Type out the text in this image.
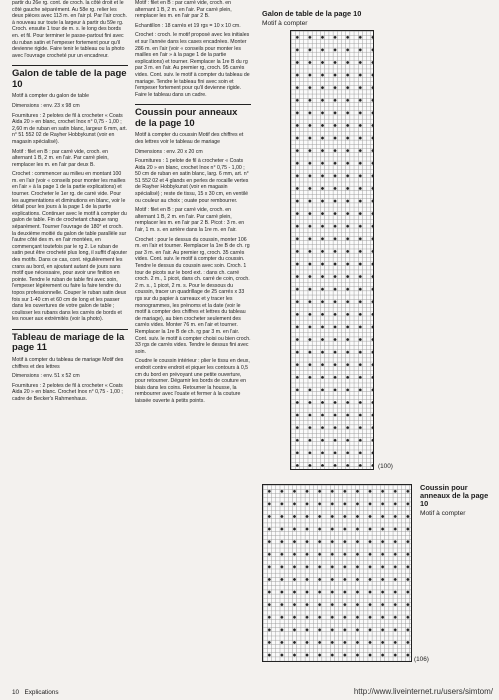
partir du 26e rg. cont. de croch. la côté droit et le côté gauche séparément. Au 58e rg. relier les deux pièces avec 113 m. en l'air pl. Par l'air croch. à nouveau sur toute la largeur à partir du 59e rg. Croch. ensuite 1 tour de m. s. le long des bords en. et fil. Pour terminer le passe-partout fini avec du ruban satin et l'empeser fortement pour qu'il devienne rigide. Faire tenir le tableau ou la photo avec l'ouvrage crocheté pur un encadreur.

Galon de table de la page 10

Motif à compter du galon de table

Dimensions : env. 23 x 98 cm

Fournitures : 2 pelotes de fil à crocheter « Coats Aida 20 » en blanc, crochet Inox n° 0,75 - 1,00 ; 2,60 m de ruban en satin blanc, largeur 6 mm, art. n° 51 552 02 de Rayher Hobbykunst (voir en magasin spécialisé).

Motif : filet en B : par carré vide, croch. en alternant 1 B, 2 m. en l'air. Par carré plein, remplacer les m. en l'air par deux B.

Crochet : commencer au milieu en montant 100 m. en l'air (voir « conseils pour monter les mailles en l'air » à la page 1 de la partie explications) et tourner. Crocheter le 1er rg. de carré vide. Pour les augmentations et diminutions en blanc, voir le détail pour les jours à la page 1 de la partie explications. Continuer avec le motif à compter du galon de table. Fin de crochetant chaque rang séparément. Tourner l'ouvrage de 180° et croch. la deuxième moitié du galon de table parallèle sur l'autre côté des m. en l'air montées, en commençant toutefois par le rg 2. Le ruban de satin peut être crocheté plus long, il suffit d'ajouter des motifs. Dans ce cas, cont. régulièrement les crans au bord, en ajoutant autant de jours sans motif que nécessaire, pour avoir une finition en pointe. Tendre le ruban de table fini avec soin, l'empeser légèrement ou faire la faire tendre du topos professionnelle. Couper le ruban satin deux fois sur 1-40 cm et 60 cm de long et les passer dans les ouvertures de votre galon de table ; coulisser les rubans dans les carrés de bords et les nouer aux extrémités (voir la photo).

Tableau de mariage de la page 11

Motif à compter du tableau de mariage Motif des chiffres et des lettres

Dimensions : env. 51 x 52 cm

Fournitures : 2 pelotes de fil à crocheter « Coats Aida 20 » en blanc. Crochet Inox n° 0,75 - 1,00 ; cadre de Becker's Rahmenhaus.

Motif : filet en B : par carré vide, croch. en alternant 1 B, 2 m. en l'air. Par carré plein, remplacer les m. en l'air par 2 B.

Echantillon : 18 carrés et 19 rgs = 10 x 10 cm.

Crochet : croch. le motif proposé avec les initiales et sur l'année dans les cases encadrées. Monter 286 m. en l'air (voir « conseils pour monter les mailles en l'air » à la page 1 de la partie explications) et tourner. Remplacer la 1re B du rg par 3 m. en l'air. Au premier rg, croch. 95 carrés vides. Cont. suiv. le motif à compter du tableau de mariage. Tendre le tableau fini avec soin et l'empeser fortement pour qu'il devienne rigide. Faire le tableau dans un cadre.

Coussin pour anneaux de la page 10

Motif à compter du coussin Motif des chiffres et des lettres voir le tableau de mariage

Dimensions : env. 20 x 20 cm

Fournitures : 1 pelote de fil à crocheter « Coats Aida 20 » en blanc, crochet Inox n° 0,75 - 1,00 ; 50 cm de ruban en satin blanc, larg. 6 mm, art. n° 51 552 02 et 4 glands en perles de rocaille vertes de Rayher Hobbykunst (voir en magasin spécialisé) ; reste de tissu, 15 x 30 cm, en ventilé ou couleur au choix ; ouate pour rembourrer.

Motif : filet en B : par carré vide, croch. en alternant 1 B, 2 m. en l'air. Par carré plein, remplacer les m. en l'air par 2 B. Picot : 3 m. en l'air, 1 m. s. en arrière dans la 1re m. en l'air.

Crochet : pour le dessus du coussin, monter 106 m. en l'air et tourner. Remplacer la 1re B de ch. rg par 3 m. en l'air. Au premier rg, croch. 35 carrés vides. Cont. suiv. le motif à compter du coussin. Tendre le dessus du coussin avec soin. Croch. 1 tour de picots sur le bord ext. : dans ch. carré croch. 2 m., 1 picot, dans ch. carré de coin, croch. 2 m. s., 1 picot, 2 m. s. Pour le dessous du coussin, tracer un quadrillage de 25 carrés x 33 rgs sur du papier à carreaux et y tracer les monogrammes, les prénoms et la date (voir le motif à compter des chiffres et lettres du tableau de mariage), au bien crocheter seulement des carrés vides. Monter 76 m. en l'air et tourner. Remplacer la 1re B de ch. rg par 3 m. en l'air. Cont. suiv. le motif à compter choisi ou bien croch. 33 rgs de carrés vides. Tendre le dessus fini avec soin.

Coudre le coussin intérieur : plier le tissu en deux, endroit contre endroit et piquer les contours à 0,5 cm du bord en prévoyant une petite ouverture, pour retourner. Dégarnir les bords de couture en biais dans les coins. Retourner la housse, la rembourrer avec l'ouate et fermer à la couture laissée ouverte à petits points.

Galon de table de la page 10
Motif à compter
(100)
(106)
Coussin pour anneaux de la page 10
Motif à compter
10 Explications	http://www.liveinternet.ru/users/simtom/
